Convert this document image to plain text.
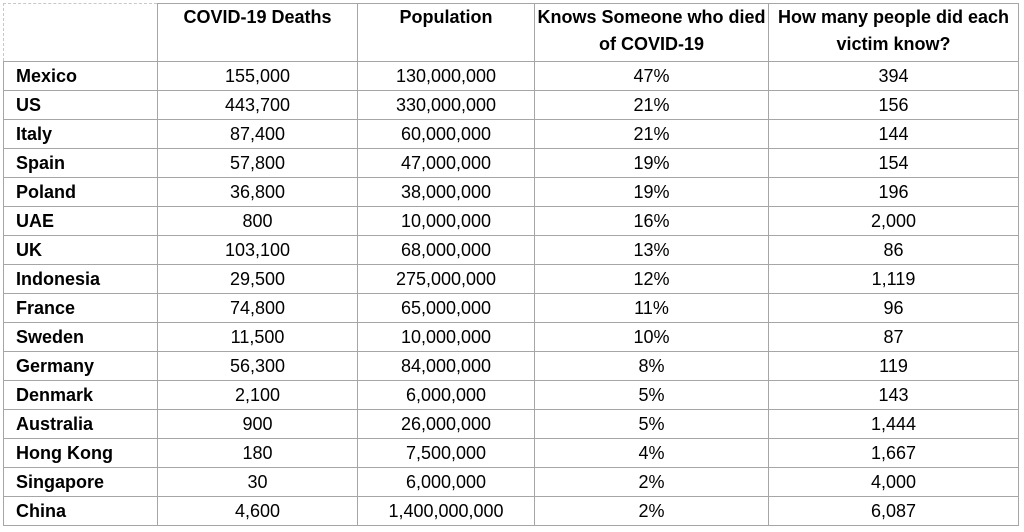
	COVID-19 Deaths	Population	Knows Someone who died of COVID-19	How many people did each victim know?
Mexico	155,000	130,000,000	47%	394
US	443,700	330,000,000	21%	156
Italy	87,400	60,000,000	21%	144
Spain	57,800	47,000,000	19%	154
Poland	36,800	38,000,000	19%	196
UAE	800	10,000,000	16%	2,000
UK	103,100	68,000,000	13%	86
Indonesia	29,500	275,000,000	12%	1,119
France	74,800	65,000,000	11%	96
Sweden	11,500	10,000,000	10%	87
Germany	56,300	84,000,000	8%	119
Denmark	2,100	6,000,000	5%	143
Australia	900	26,000,000	5%	1,444
Hong Kong	180	7,500,000	4%	1,667
Singapore	30	6,000,000	2%	4,000
China	4,600	1,400,000,000	2%	6,087
